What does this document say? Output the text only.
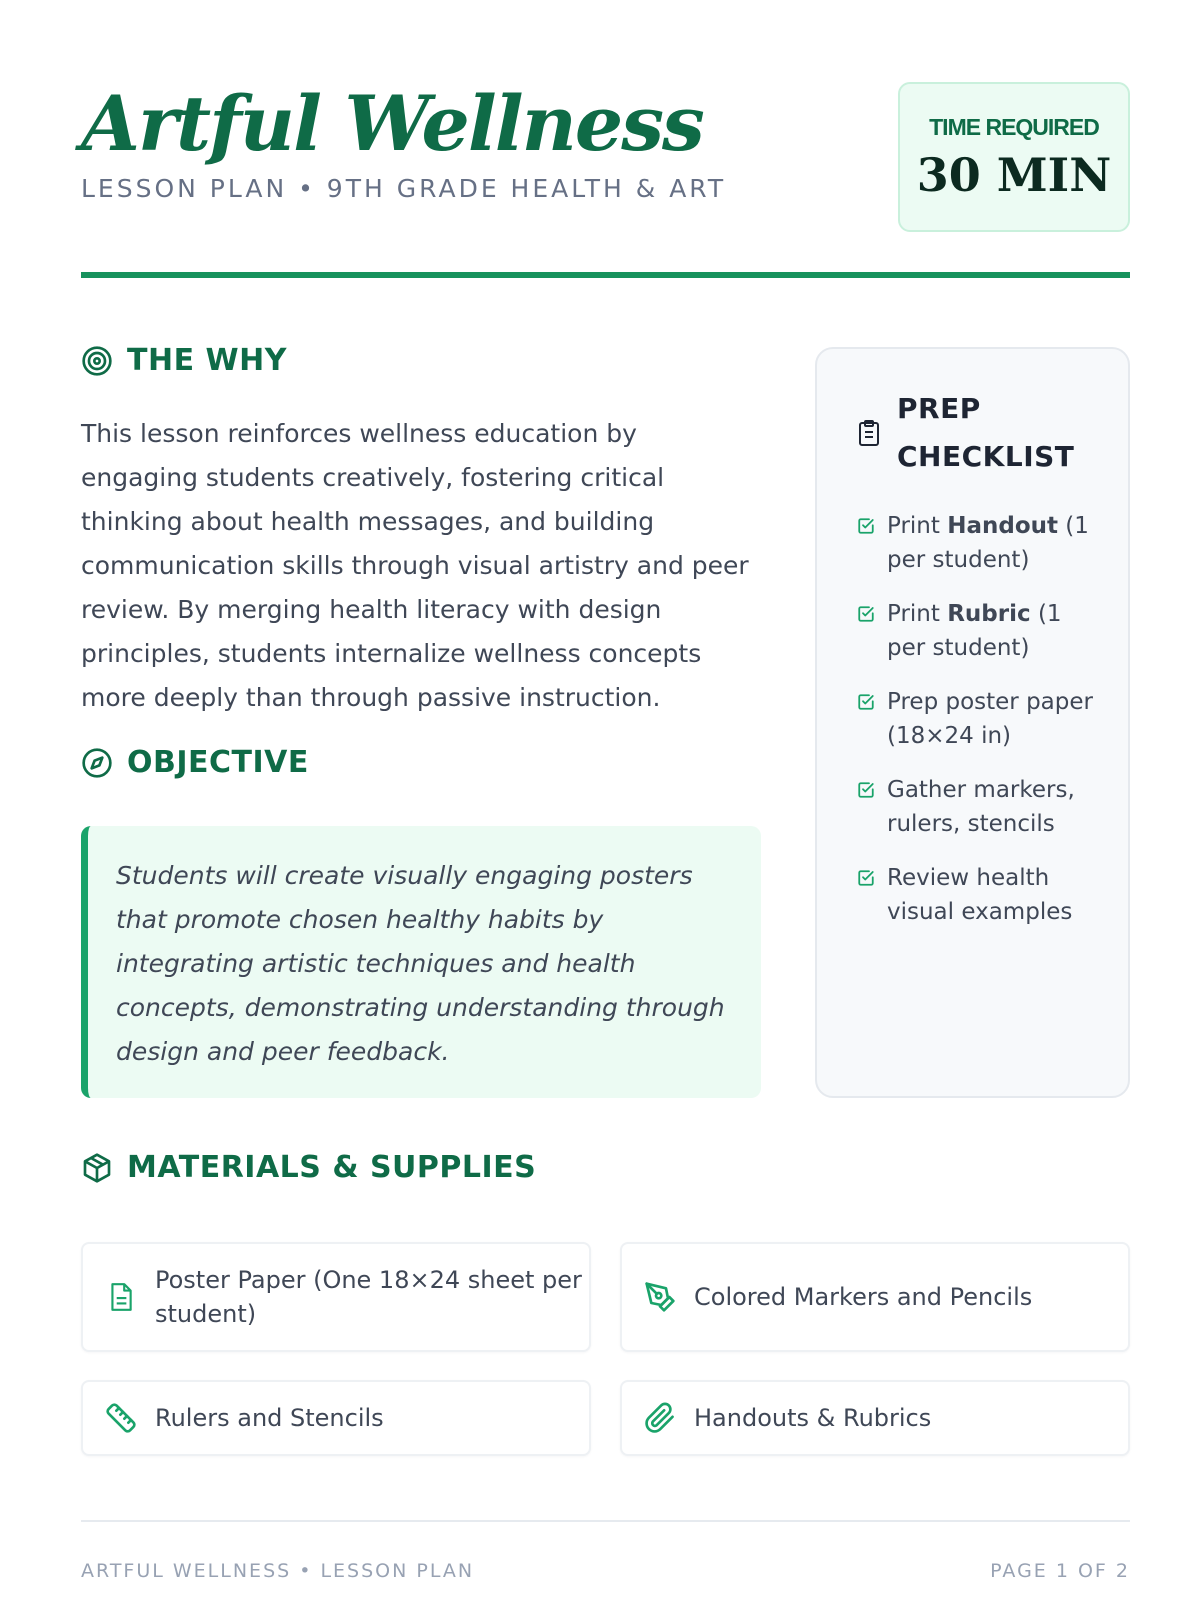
Artful Wellness
LESSON PLAN • 9TH GRADE HEALTH & ART
TIME REQUIRED
30 MIN
THE WHY

This lesson reinforces wellness education by engaging students creatively, fostering critical thinking about health messages, and building communication skills through visual artistry and peer review. By merging health literacy with design principles, students internalize wellness concepts more deeply than through passive instruction.

OBJECTIVE

Students will create visually engaging posters that promote chosen healthy habits by integrating artistic techniques and health concepts, demonstrating understanding through design and peer feedback.

PREP CHECKLIST
Print Handout (1 per student)
Print Rubric (1 per student)
Prep poster paper (18×24 in)
Gather markers, rulers, stencils
Review health visual examples
MATERIALS & SUPPLIES
Poster Paper (One 18×24 sheet per student)
Colored Markers and Pencils
Rulers and Stencils	Handouts & Rubrics
ARTFUL WELLNESS • LESSON PLAN	PAGE 1 OF 2
